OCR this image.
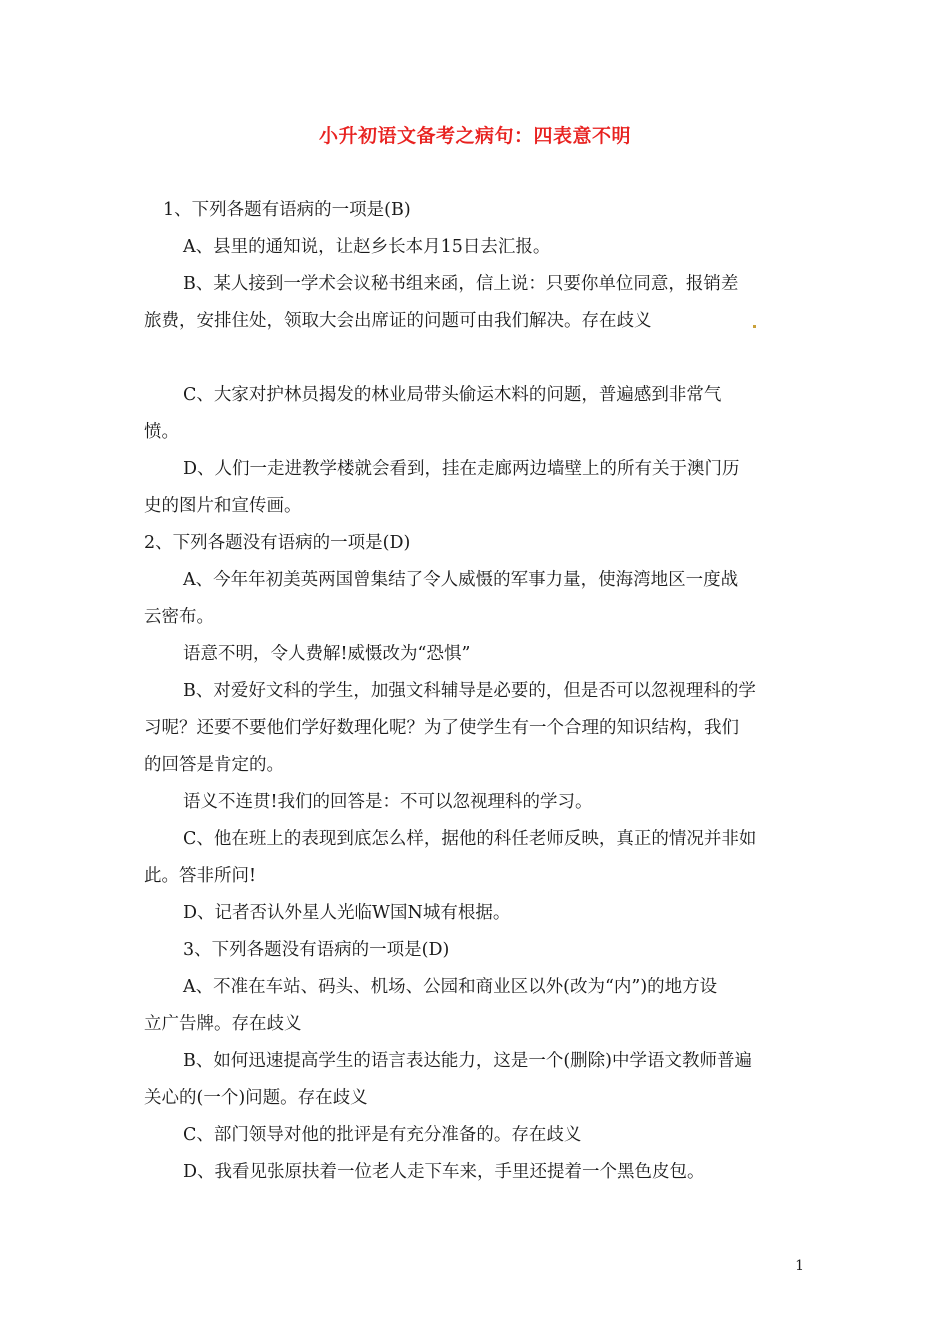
小升初语文备考之病句：四表意不明
1、下列各题有语病的一项是(B)
A、县里的通知说，让赵乡长本月15日去汇报。
B、某人接到一学术会议秘书组来函，信上说：只要你单位同意，报销差
旅费，安排住处，领取大会出席证的问题可由我们解决。存在歧义
C、大家对护林员揭发的林业局带头偷运木料的问题，普遍感到非常气
愤。
D、人们一走进教学楼就会看到，挂在走廊两边墙壁上的所有关于澳门历
史的图片和宣传画。
2、下列各题没有语病的一项是(D)
A、今年年初美英两国曾集结了令人威慑的军事力量，使海湾地区一度战
云密布。
语意不明，令人费解!威慑改为“恐惧”
B、对爱好文科的学生，加强文科辅导是必要的，但是否可以忽视理科的学
习呢？还要不要他们学好数理化呢？为了使学生有一个合理的知识结构，我们
的回答是肯定的。
语义不连贯!我们的回答是：不可以忽视理科的学习。
C、他在班上的表现到底怎么样，据他的科任老师反映，真正的情况并非如
此。答非所问!
D、记者否认外星人光临W国N城有根据。
3、下列各题没有语病的一项是(D)
A、不准在车站、码头、机场、公园和商业区以外(改为“内”)的地方设
立广告牌。存在歧义
B、如何迅速提高学生的语言表达能力，这是一个(删除)中学语文教师普遍
关心的(一个)问题。存在歧义
C、部门领导对他的批评是有充分准备的。存在歧义
D、我看见张原扶着一位老人走下车来，手里还提着一个黑色皮包。
1
